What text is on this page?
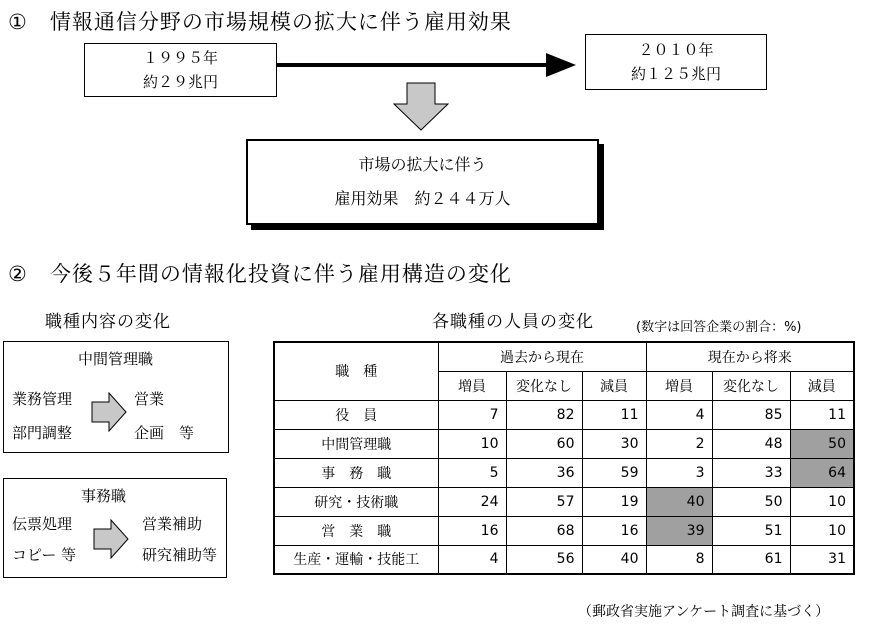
①　情報通信分野の市場規模の拡大に伴う雇用効果
１９９５年
約２９兆円
２０１０年
約１２５兆円
市場の拡大に伴う
雇用効果　約２４４万人
②　今後５年間の情報化投資に伴う雇用構造の変化
職種内容の変化
中間管理職
業務管理
部門調整
営業
企画　等
事務職
伝票処理
コピー 等
営業補助
研究補助等
各職種の人員の変化	(数字は回答企業の割合：%)
職　種	過去から現在			現在から将来		
	増員	変化なし	減員	増員	変化なし	減員
役　員	7	82	11	4	85	11
中間管理職	10	60	30	2	48	50
事　務　職	5	36	59	3	33	64
研究・技術職	24	57	19	40	50	10
営　業　職	16	68	16	39	51	10
生産・運輸・技能工	4	56	40	8	61	31
（郵政省実施アンケート調査に基づく）
